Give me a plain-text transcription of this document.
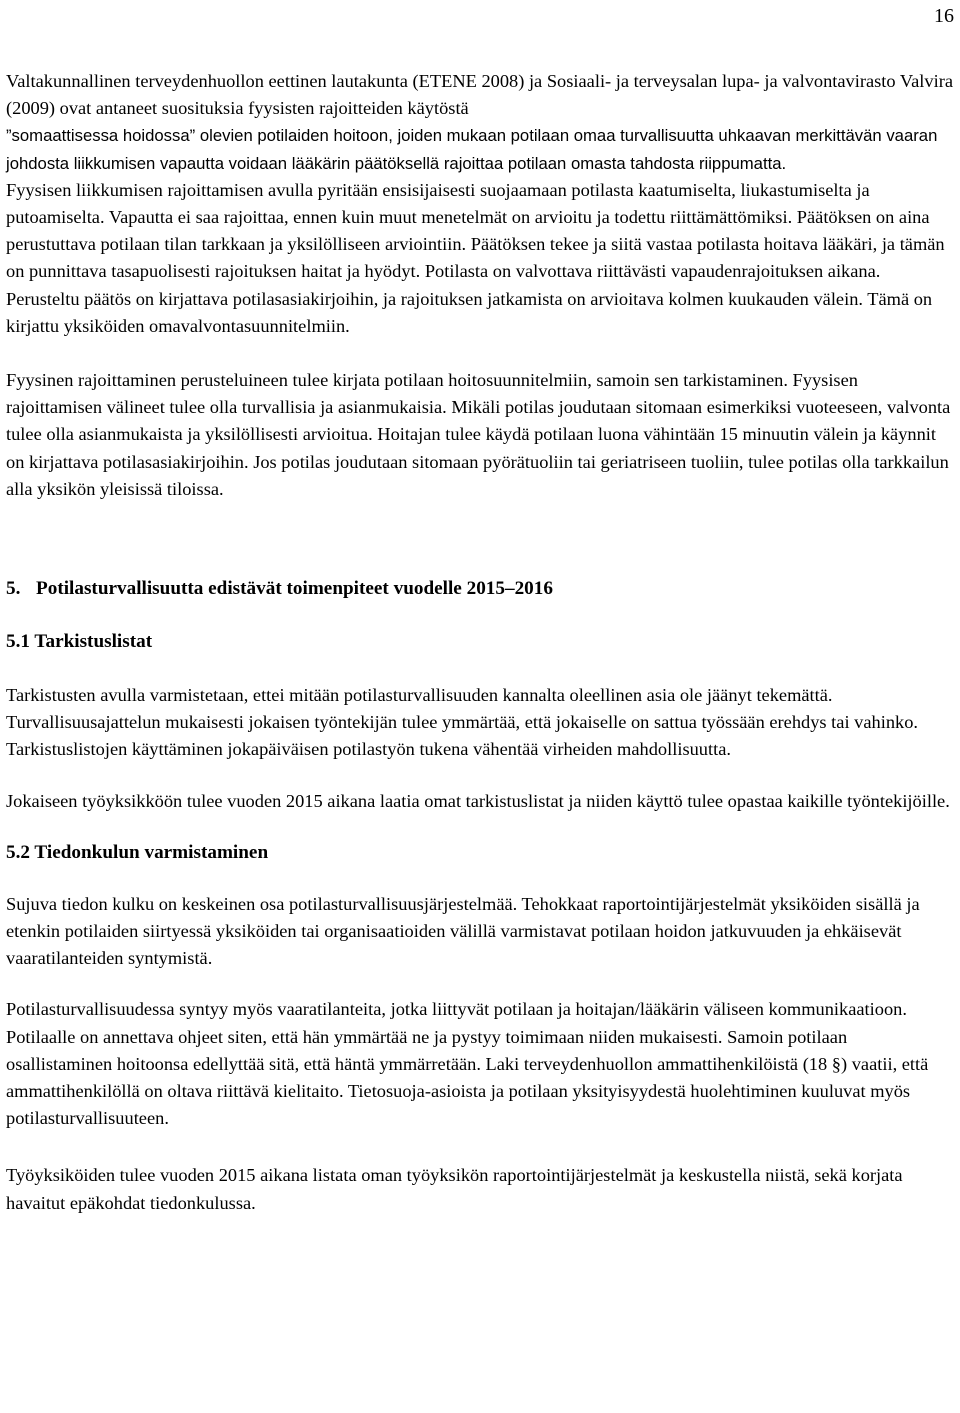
16

Valtakunnallinen terveydenhuollon eettinen lautakunta (ETENE 2008) ja Sosiaali- ja terveysalan lupa- ja valvontavirasto Valvira (2009) ovat antaneet suosituksia fyysisten rajoitteiden käytöstä

”somaattisessa hoidossa” olevien potilaiden hoitoon, joiden mukaan potilaan omaa turvallisuutta uhkaavan merkittävän vaaran johdosta liikkumisen vapautta voidaan lääkärin päätöksellä rajoittaa potilaan omasta tahdosta riippumatta.

Fyysisen liikkumisen rajoittamisen avulla pyritään ensisijaisesti suojaamaan potilasta kaatumiselta, liukastumiselta ja putoamiselta. Vapautta ei saa rajoittaa, ennen kuin muut menetelmät on arvioitu ja todettu riittämättömiksi. Päätöksen on aina perustuttava potilaan tilan tarkkaan ja yksilölliseen arviointiin. Päätöksen tekee ja siitä vastaa potilasta hoitava lääkäri, ja tämän on punnittava tasapuolisesti rajoituksen haitat ja hyödyt. Potilasta on valvottava riittävästi vapaudenrajoituksen aikana. Perusteltu päätös on kirjattava potilasasiakirjoihin, ja rajoituksen jatkamista on arvioitava kolmen kuukauden välein. Tämä on kirjattu yksiköiden omavalvontasuunnitelmiin.

Fyysinen rajoittaminen perusteluineen tulee kirjata potilaan hoitosuunnitelmiin, samoin sen tarkistaminen. Fyysisen rajoittamisen välineet tulee olla turvallisia ja asianmukaisia. Mikäli potilas joudutaan sitomaan esimerkiksi vuoteeseen, valvonta tulee olla asianmukaista ja yksilöllisesti arvioitua. Hoitajan tulee käydä potilaan luona vähintään 15 minuutin välein ja käynnit on kirjattava potilasasiakirjoihin. Jos potilas joudutaan sitomaan pyörätuoliin tai geriatriseen tuoliin, tulee potilas olla tarkkailun alla yksikön yleisissä tiloissa.

5. Potilasturvallisuutta edistävät toimenpiteet vuodelle 2015–2016
5.1 Tarkistuslistat

Tarkistusten avulla varmistetaan, ettei mitään potilasturvallisuuden kannalta oleellinen asia ole jäänyt tekemättä. Turvallisuusajattelun mukaisesti jokaisen työntekijän tulee ymmärtää, että jokaiselle on sattua työssään erehdys tai vahinko. Tarkistuslistojen käyttäminen jokapäiväisen potilastyön tukena vähentää virheiden mahdollisuutta.

Jokaiseen työyksikköön tulee vuoden 2015 aikana laatia omat tarkistuslistat ja niiden käyttö tulee opastaa kaikille työntekijöille.

5.2 Tiedonkulun varmistaminen

Sujuva tiedon kulku on keskeinen osa potilasturvallisuusjärjestelmää. Tehokkaat raportointijärjestelmät yksiköiden sisällä ja etenkin potilaiden siirtyessä yksiköiden tai organisaatioiden välillä varmistavat potilaan hoidon jatkuvuuden ja ehkäisevät vaaratilanteiden syntymistä.

Potilasturvallisuudessa syntyy myös vaaratilanteita, jotka liittyvät potilaan ja hoitajan/lääkärin väliseen kommunikaatioon. Potilaalle on annettava ohjeet siten, että hän ymmärtää ne ja pystyy toimimaan niiden mukaisesti. Samoin potilaan osallistaminen hoitoonsa edellyttää sitä, että häntä ymmärretään. Laki terveydenhuollon ammattihenkilöistä (18 §) vaatii, että ammattihenkilöllä on oltava riittävä kielitaito. Tietosuoja-asioista ja potilaan yksityisyydestä huolehtiminen kuuluvat myös potilasturvallisuuteen.

Työyksiköiden tulee vuoden 2015 aikana listata oman työyksikön raportointijärjestelmät ja keskustella niistä, sekä korjata havaitut epäkohdat tiedonkulussa.
